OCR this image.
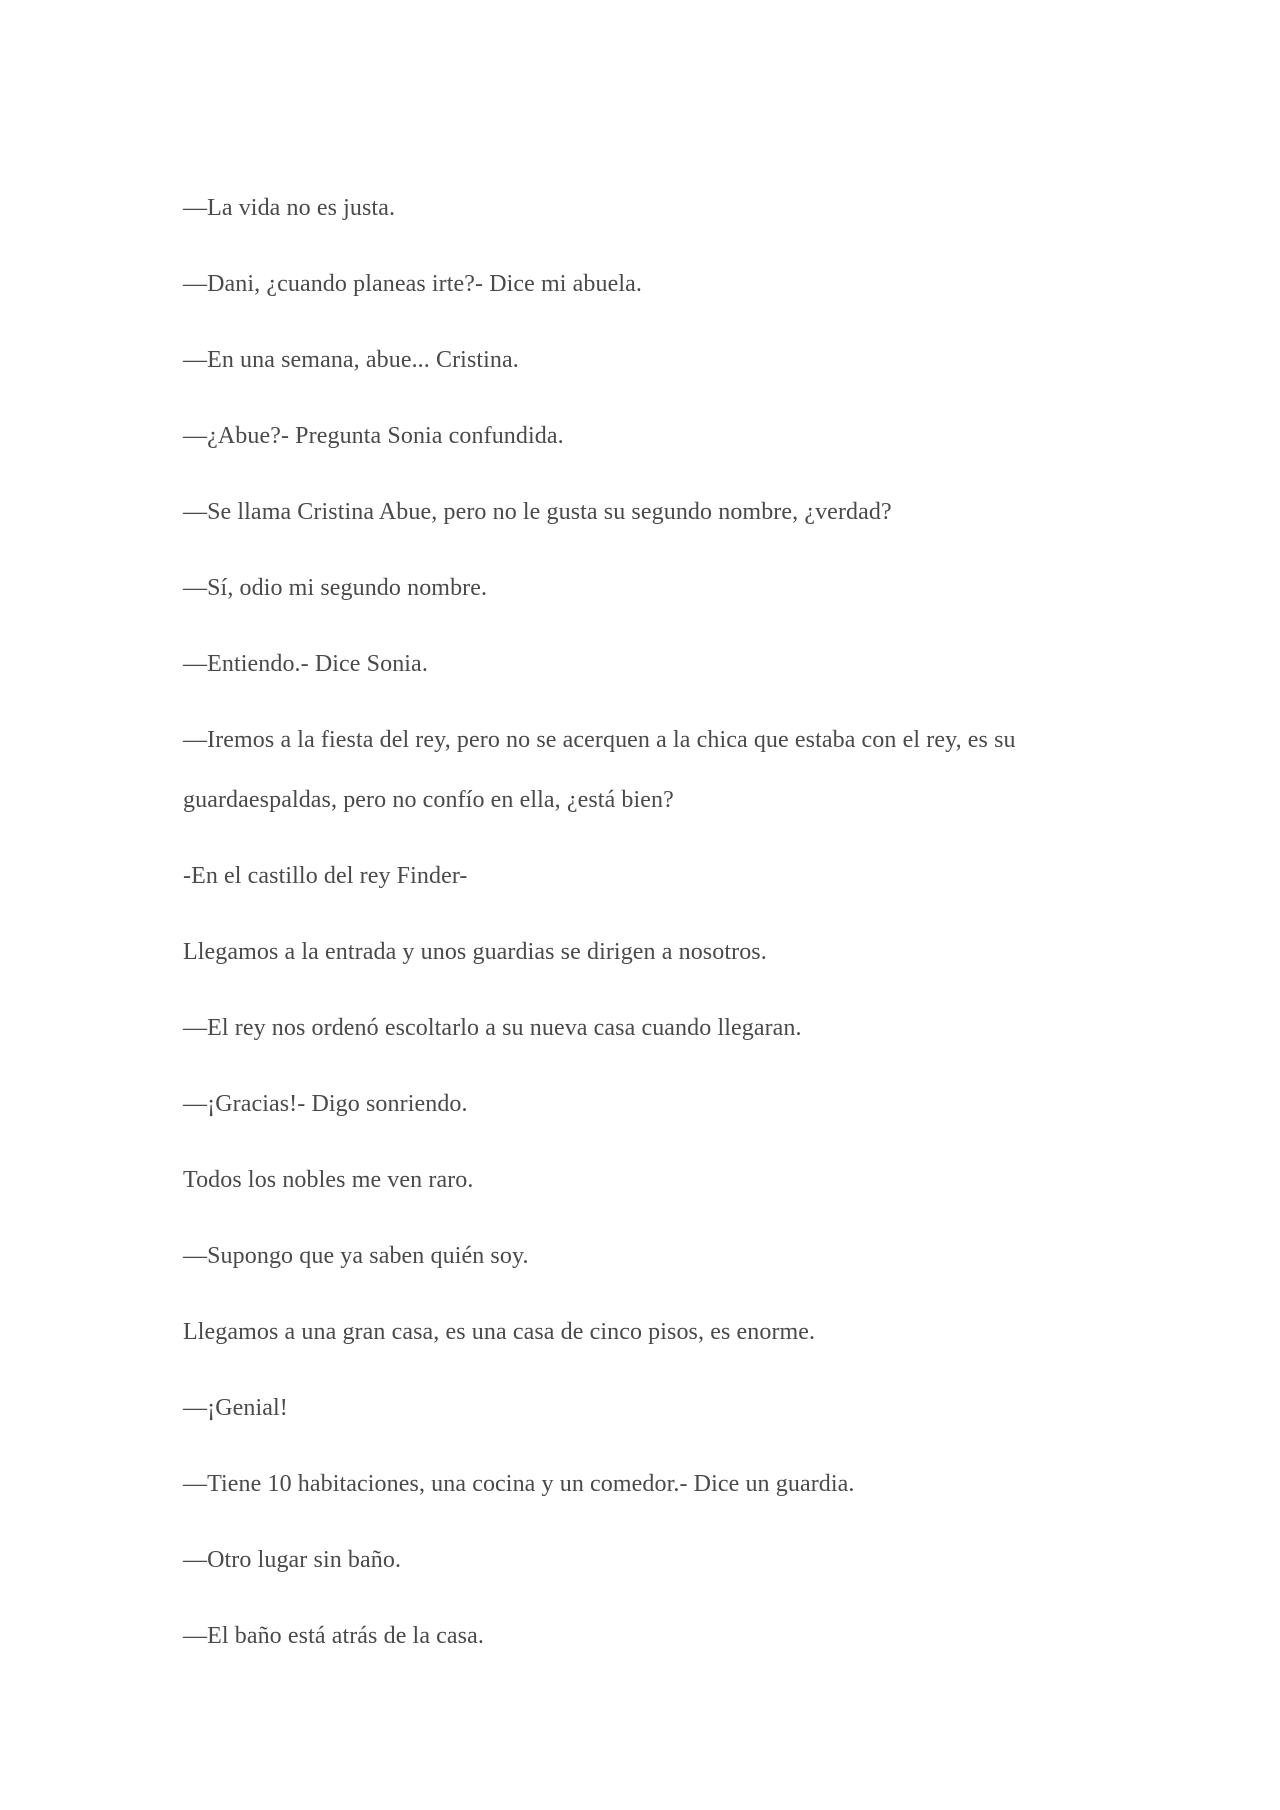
—La vida no es justa.

—Dani, ¿cuando planeas irte?- Dice mi abuela.

—En una semana, abue... Cristina.

—¿Abue?- Pregunta Sonia confundida.

—Se llama Cristina Abue, pero no le gusta su segundo nombre, ¿verdad?

—Sí, odio mi segundo nombre.

—Entiendo.- Dice Sonia.

—Iremos a la fiesta del rey, pero no se acerquen a la chica que estaba con el rey, es su guardaespaldas, pero no confío en ella, ¿está bien?

-En el castillo del rey Finder-

Llegamos a la entrada y unos guardias se dirigen a nosotros.

—El rey nos ordenó escoltarlo a su nueva casa cuando llegaran.

—¡Gracias!- Digo sonriendo.

Todos los nobles me ven raro.

—Supongo que ya saben quién soy.

Llegamos a una gran casa, es una casa de cinco pisos, es enorme.

—¡Genial!

—Tiene 10 habitaciones, una cocina y un comedor.- Dice un guardia.

—Otro lugar sin baño.

—El baño está atrás de la casa.
